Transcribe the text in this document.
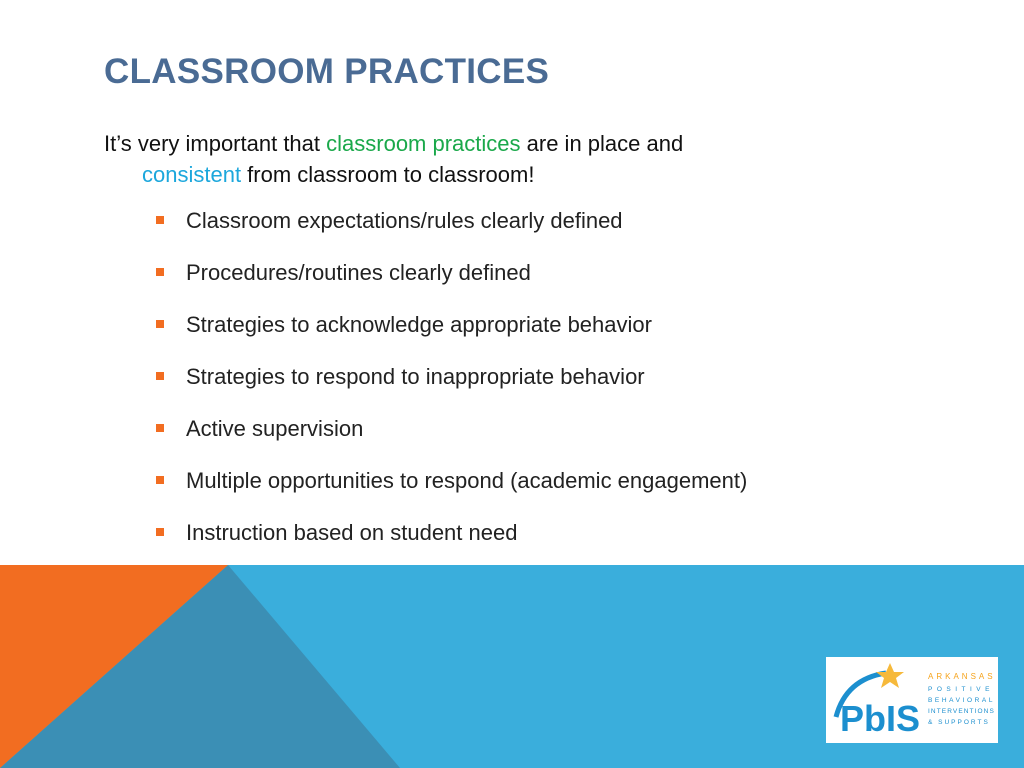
CLASSROOM PRACTICES

It’s very important that classroom practices are in place and
consistent from classroom to classroom!

Classroom expectations/rules clearly defined
Procedures/routines clearly defined
Strategies to acknowledge appropriate behavior
Strategies to respond to inappropriate behavior
Active supervision
Multiple opportunities to respond (academic engagement)
Instruction based on student need
PbIS
ARKANSAS
POSITIVE
BEHAVIORAL
INTERVENTIONS
& SUPPORTS
